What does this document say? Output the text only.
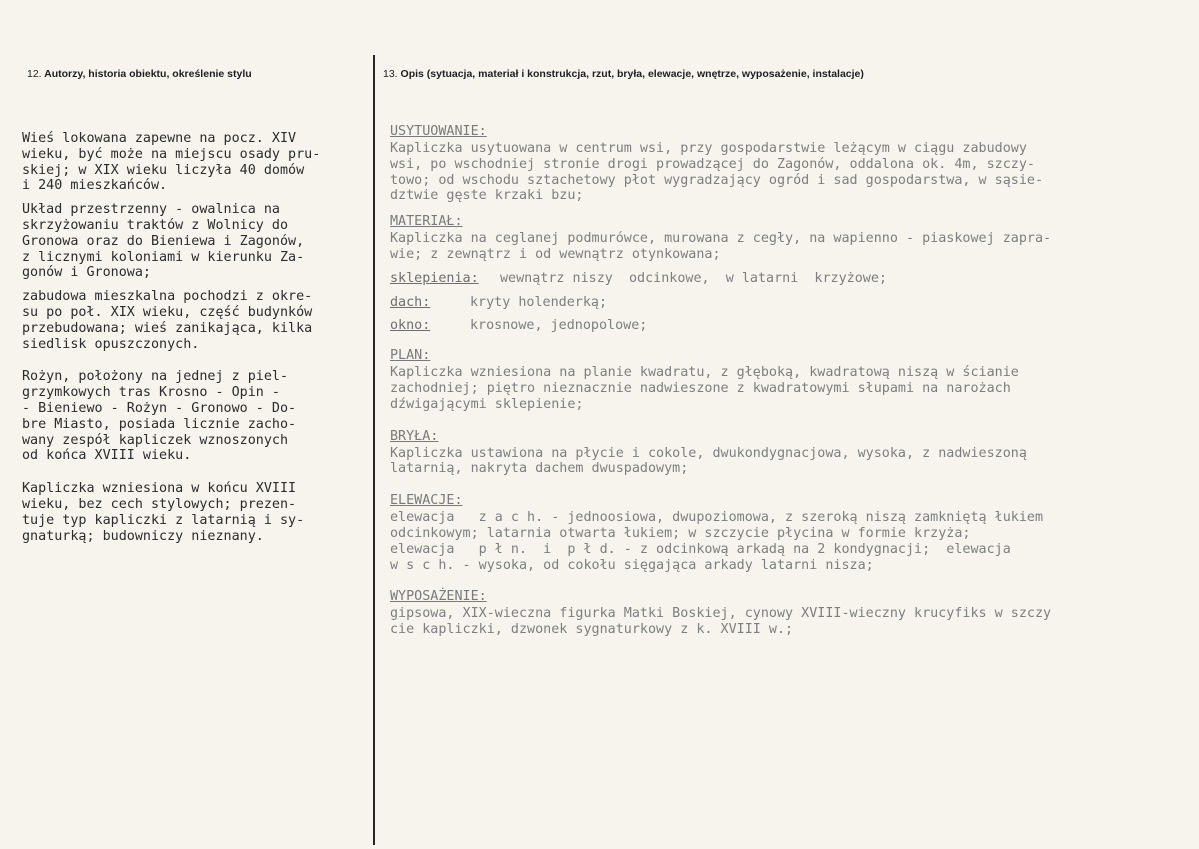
12. Autorzy, historia obiektu, określenie stylu	13. Opis (sytuacja, materiał i konstrukcja, rzut, bryła, elewacje, wnętrze, wyposażenie, instalacje)
Wieś lokowana zapewne na pocz. XIV
wieku, być może na miejscu osady pru-
skiej; w XIX wieku liczyła 40 domów
i 240 mieszkańców.
Układ przestrzenny - owalnica na
skrzyżowaniu traktów z Wolnicy do
Gronowa oraz do Bieniewa i Zagonów,
z licznymi koloniami w kierunku Za-
gonów i Gronowa;
zabudowa mieszkalna pochodzi z okre-
su po poł. XIX wieku, część budynków
przebudowana; wieś zanikająca, kilka
siedlisk opuszczonych.
Rożyn, położony na jednej z piel-
grzymkowych tras Krosno - Opin -
- Bieniewo - Rożyn - Gronowo - Do-
bre Miasto, posiada licznie zacho-
wany zespół kapliczek wznoszonych
od końca XVIII wieku.
Kapliczka wzniesiona w końcu XVIII
wieku, bez cech stylowych; prezen-
tuje typ kapliczki z latarnią i sy-
gnaturką; budowniczy nieznany.
USYTUOWANIE:
Kapliczka usytuowana w centrum wsi, przy gospodarstwie leżącym w ciągu zabudowy
wsi, po wschodniej stronie drogi prowadzącej do Zagonów, oddalona ok. 4m, szczy-
towo; od wschodu sztachetowy płot wygradzający ogród i sad gospodarstwa, w sąsie-
dztwie gęste krzaki bzu;
MATERIAŁ:
Kapliczka na ceglanej podmurówce, murowana z cegły, na wapienno - piaskowej zapra-
wie; z zewnątrz i od wewnątrz otynkowana;
sklepienia:	wewnątrz niszy  odcinkowe,  w latarni  krzyżowe;
dach:	kryty holenderką;
okno:	krosnowe, jednopolowe;
PLAN:
Kapliczka wzniesiona na planie kwadratu, z głęboką, kwadratową niszą w ścianie
zachodniej; piętro nieznacznie nadwieszone z kwadratowymi słupami na narożach
dźwigającymi sklepienie;
BRYŁA:
Kapliczka ustawiona na płycie i cokole, dwukondygnacjowa, wysoka, z nadwieszoną
latarnią, nakryta dachem dwuspadowym;
ELEWACJE:
elewacja   z a c h. - jednoosiowa, dwupoziomowa, z szeroką niszą zamkniętą łukiem
odcinkowym; latarnia otwarta łukiem; w szczycie płycina w formie krzyża;
elewacja   p ł n.  i  p ł d. - z odcinkową arkadą na 2 kondygnacji;  elewacja
w s c h. - wysoka, od cokołu sięgająca arkady latarni nisza;
WYPOSAŻENIE:
gipsowa, XIX-wieczna figurka Matki Boskiej, cynowy XVIII-wieczny krucyfiks w szczy
cie kapliczki, dzwonek sygnaturkowy z k. XVIII w.;
